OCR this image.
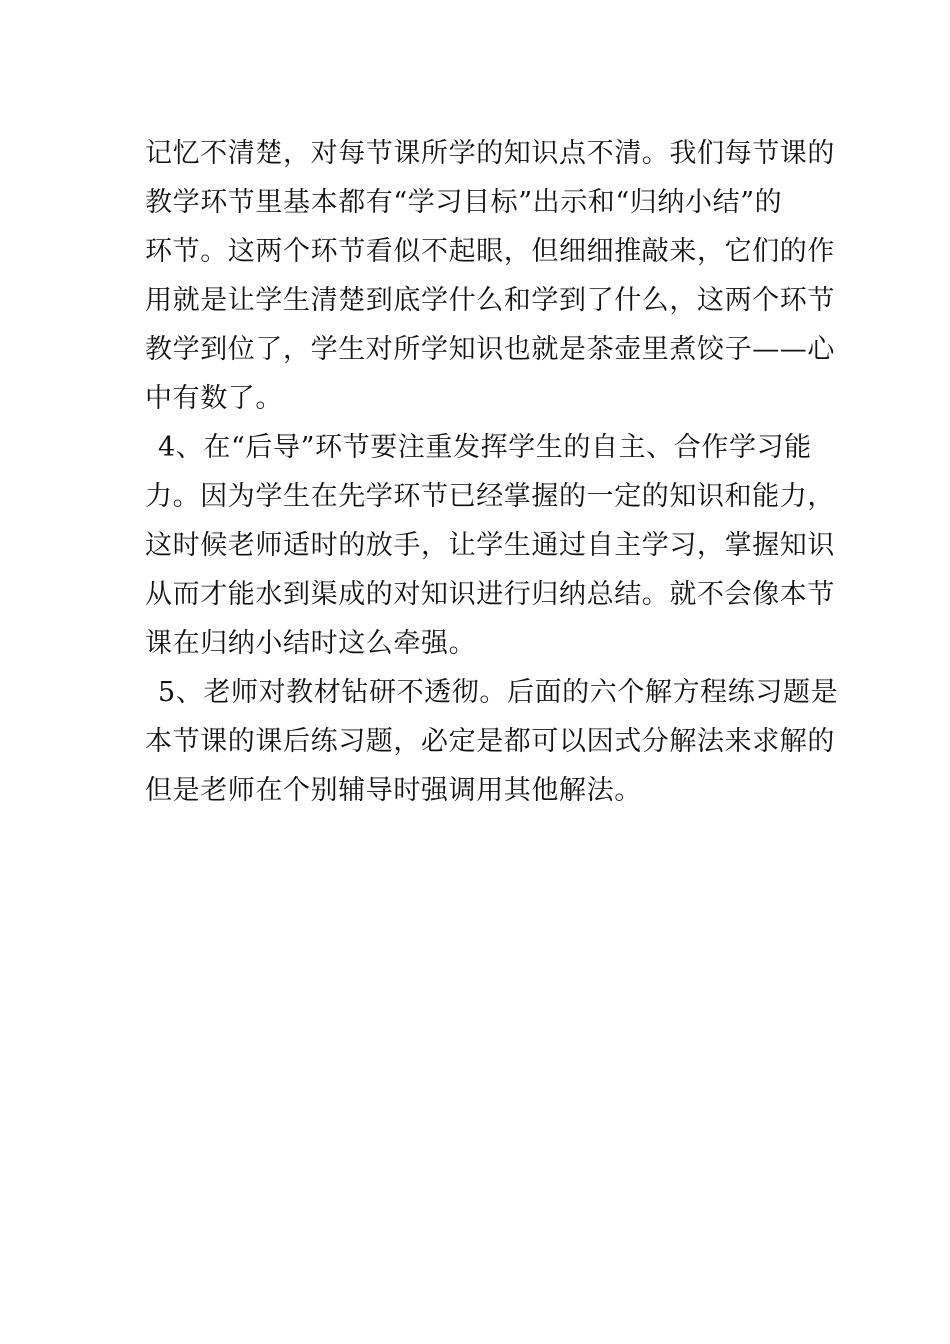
记忆不清楚，对每节课所学的知识点不清。我们每节课的
教学环节里基本都有“学习目标”出示和“归纳小结”的
环节。这两个环节看似不起眼，但细细推敲来，它们的作
用就是让学生清楚到底学什么和学到了什么，这两个环节
教学到位了，学生对所学知识也就是茶壶里煮饺子——心
中有数了。
4、在“后导”环节要注重发挥学生的自主、合作学习能
力。因为学生在先学环节已经掌握的一定的知识和能力，
这时候老师适时的放手，让学生通过自主学习，掌握知识
从而才能水到渠成的对知识进行归纳总结。就不会像本节
课在归纳小结时这么牵强。
5、老师对教材钻研不透彻。后面的六个解方程练习题是
本节课的课后练习题，必定是都可以因式分解法来求解的
但是老师在个别辅导时强调用其他解法。
